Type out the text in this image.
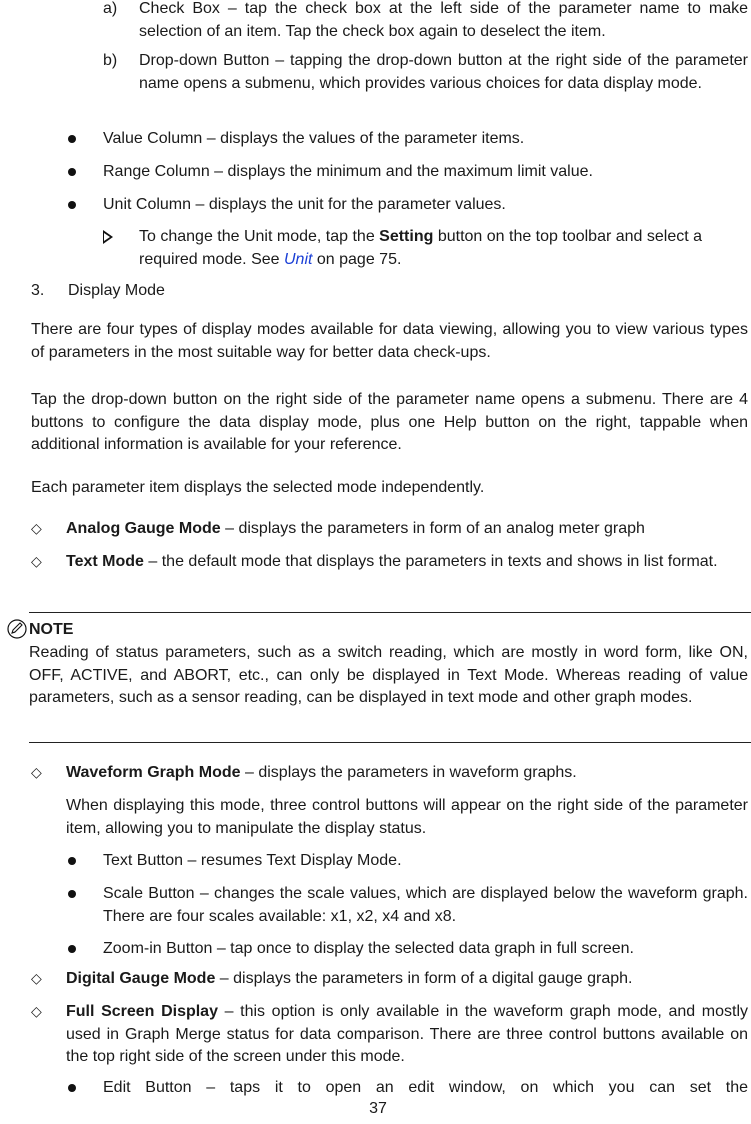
a)	Check Box – tap the check box at the left side of the parameter name to make selection of an item. Tap the check box again to deselect the item.
b)	Drop-down Button – tapping the drop-down button at the right side of the parameter name opens a submenu, which provides various choices for data display mode.
Value Column – displays the values of the parameter items.
Range Column – displays the minimum and the maximum limit value.
Unit Column – displays the unit for the parameter values.
To change the Unit mode, tap the Setting button on the top toolbar and select a required mode. See Unit on page 75.
3.	Display Mode

There are four types of display modes available for data viewing, allowing you to view various types of parameters in the most suitable way for better data check-ups.

Tap the drop-down button on the right side of the parameter name opens a submenu. There are 4 buttons to configure the data display mode, plus one Help button on the right, tappable when additional information is available for your reference.

Each parameter item displays the selected mode independently.

◇	Analog Gauge Mode – displays the parameters in form of an analog meter graph
◇	Text Mode – the default mode that displays the parameters in texts and shows in list format.
NOTE

Reading of status parameters, such as a switch reading, which are mostly in word form, like ON, OFF, ACTIVE, and ABORT, etc., can only be displayed in Text Mode. Whereas reading of value parameters, such as a sensor reading, can be displayed in text mode and other graph modes.

◇	Waveform Graph Mode – displays the parameters in waveform graphs.

When displaying this mode, three control buttons will appear on the right side of the parameter item, allowing you to manipulate the display status.

Text Button – resumes Text Display Mode.
Scale Button – changes the scale values, which are displayed below the waveform graph. There are four scales available: x1, x2, x4 and x8.
Zoom-in Button – tap once to display the selected data graph in full screen.
◇	Digital Gauge Mode – displays the parameters in form of a digital gauge graph.
◇	Full Screen Display – this option is only available in the waveform graph mode, and mostly used in Graph Merge status for data comparison. There are three control buttons available on the top right side of the screen under this mode.
Edit Button – taps it to open an edit window, on which you can set the
37
